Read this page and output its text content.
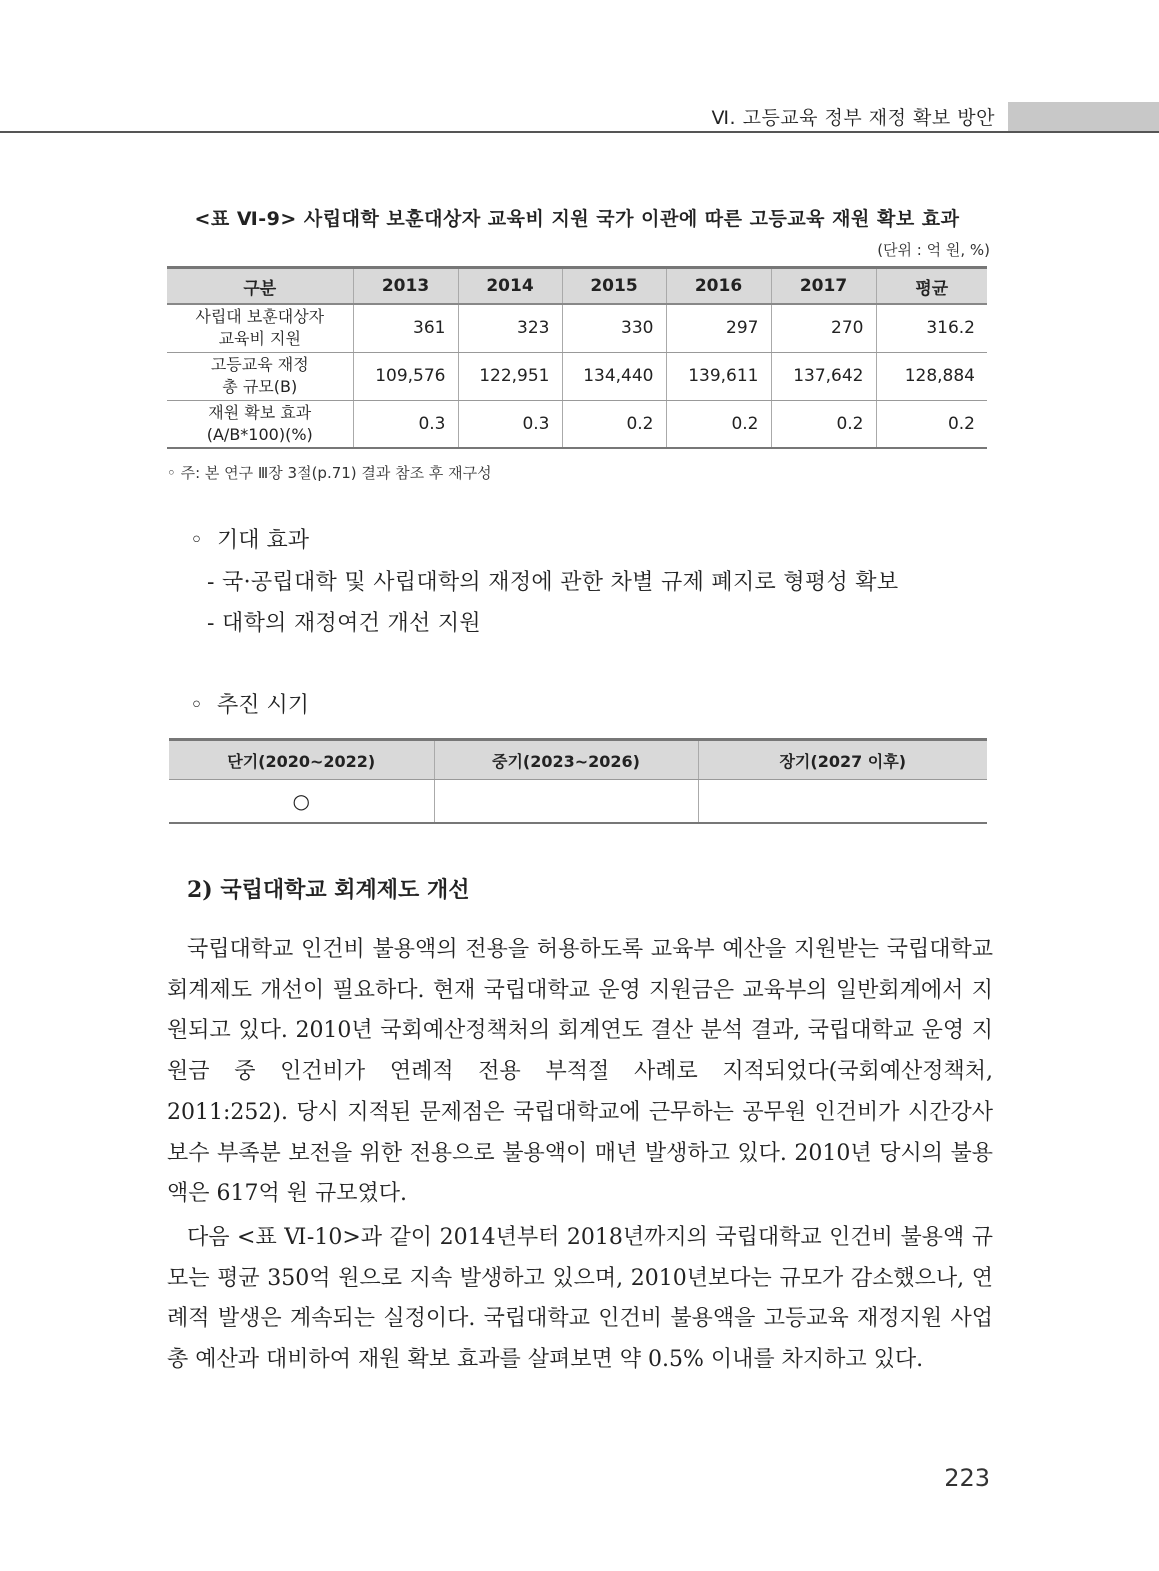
Ⅵ. 고등교육 정부 재정 확보 방안
<표 Ⅵ-9> 사립대학 보훈대상자 교육비 지원 국가 이관에 따른 고등교육 재원 확보 효과
(단위 : 억 원, %)
구분	2013	2014	2015	2016	2017	평균
사립대 보훈대상자
교육비 지원	361	323	330	297	270	316.2
고등교육 재정
총 규모(B)	109,576	122,951	134,440	139,611	137,642	128,884
재원 확보 효과
(A/B*100)(%)	0.3	0.3	0.2	0.2	0.2	0.2
◦ 주: 본 연구 Ⅲ장 3절(p.71) 결과 참조 후 재구성
◦ 기대 효과
- 국·공립대학 및 사립대학의 재정에 관한 차별 규제 폐지로 형평성 확보
- 대학의 재정여건 개선 지원
◦ 추진 시기
단기(2020~2022)	중기(2023~2026)	장기(2027 이후)
○		
2) 국립대학교 회계제도 개선

국립대학교 인건비 불용액의 전용을 허용하도록 교육부 예산을 지원받는 국립대학교 회계제도 개선이 필요하다. 현재 국립대학교 운영 지원금은 교육부의 일반회계에서 지원되고 있다. 2010년 국회예산정책처의 회계연도 결산 분석 결과, 국립대학교 운영 지원금 중 인건비가 연례적 전용 부적절 사례로 지적되었다(국회예산정책처, 2011:252). 당시 지적된 문제점은 국립대학교에 근무하는 공무원 인건비가 시간강사 보수 부족분 보전을 위한 전용으로 불용액이 매년 발생하고 있다. 2010년 당시의 불용액은 617억 원 규모였다.

다음 <표 Ⅵ-10>과 같이 2014년부터 2018년까지의 국립대학교 인건비 불용액 규모는 평균 350억 원으로 지속 발생하고 있으며, 2010년보다는 규모가 감소했으나, 연례적 발생은 계속되는 실정이다. 국립대학교 인건비 불용액을 고등교육 재정지원 사업 총 예산과 대비하여 재원 확보 효과를 살펴보면 약 0.5% 이내를 차지하고 있다.

223
